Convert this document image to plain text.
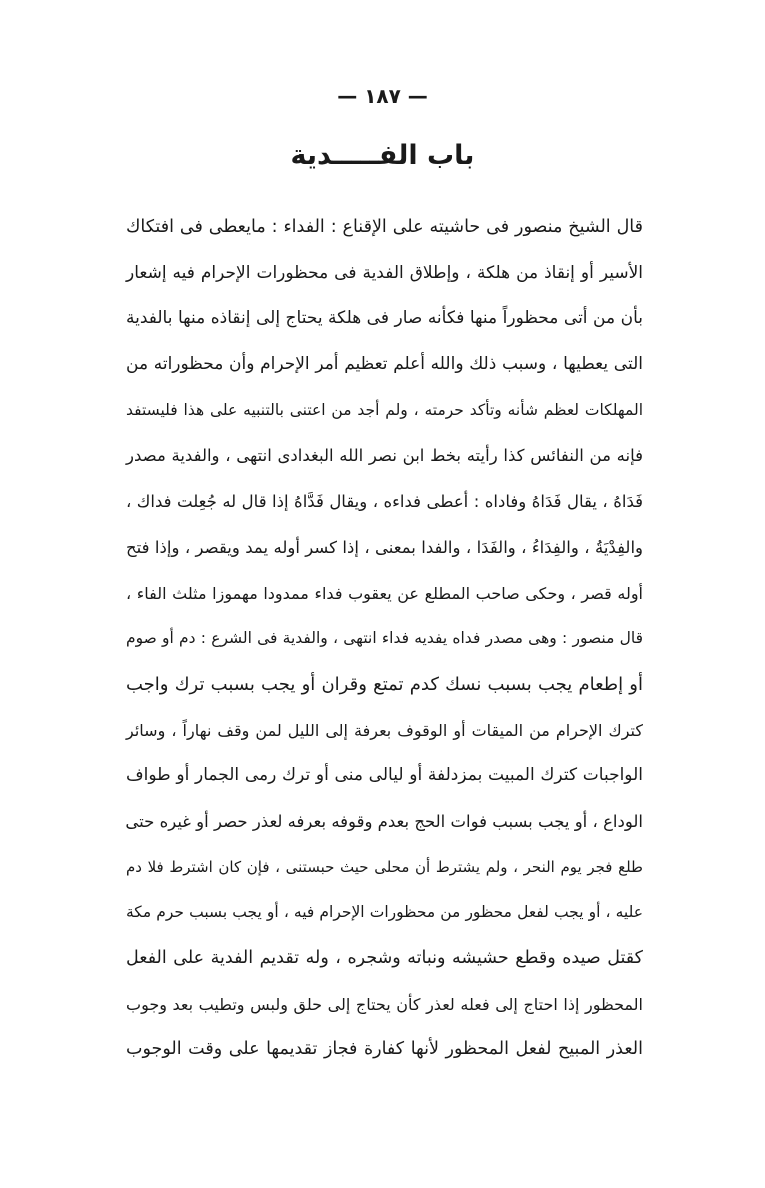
— ١٨٧ —
باب الفـــــدية
قال الشيخ منصور فى حاشيته على الإقناع : الفداء : مايعطى فى افتكاك
الأسير أو إنقاذ من هلكة ، وإطلاق الفدية فى محظورات الإحرام فيه إشعار
بأن من أتى محظوراً منها فكأنه صار فى هلكة يحتاج إلى إنقاذه منها بالفدية
التى يعطيها ، وسبب ذلك والله أعلم تعظيم أمر الإحرام وأن محظوراته من
المهلكات لعظم شأنه وتأكد حرمته ، ولم أجد من اعتنى بالتنبيه على هذا فليستفد
فإنه من النفائس كذا رأيته بخط ابن نصر الله البغدادى انتهى ، والفدية مصدر
فَدَاهُ ، يقال فَدَاهُ وفاداه : أعطى فداءه ، ويقال فَدَّاهُ إذا قال له جُعِلت فداك ،
والفِدْيَةُ ، والفِدَاءُ ، والفَدَا ، والفدا بمعنى ، إذا كسر أوله يمد ويقصر ، وإذا فتح
أوله قصر ، وحكى صاحب المطلع عن يعقوب فداء ممدودا مهموزا مثلث الفاء ،
قال منصور : وهى مصدر فداه يفديه فداء انتهى ، والفدية فى الشرع : دم أو صوم
أو إطعام يجب بسبب نسك كدم تمتع وقران أو يجب بسبب ترك واجب
كترك الإحرام من الميقات أو الوقوف بعرفة إلى الليل لمن وقف نهاراً ، وسائر
الواجبات كترك المبيت بمزدلفة أو ليالى منى أو ترك رمى الجمار أو طواف
الوداع ، أو يجب بسبب فوات الحج بعدم وقوفه بعرفه لعذر حصر أو غيره حتى
طلع فجر يوم النحر ، ولم يشترط أن محلى حيث حبستنى ، فإن كان اشترط فلا دم
عليه ، أو يجب لفعل محظور من محظورات الإحرام فيه ، أو يجب بسبب حرم مكة
كقتل صيده وقطع حشيشه ونباته وشجره ، وله تقديم الفدية على الفعل
المحظور إذا احتاج إلى فعله لعذر كأن يحتاج إلى حلق ولبس وتطيب بعد وجوب
العذر المبيح لفعل المحظور لأنها كفارة فجاز تقديمها على وقت الوجوب
